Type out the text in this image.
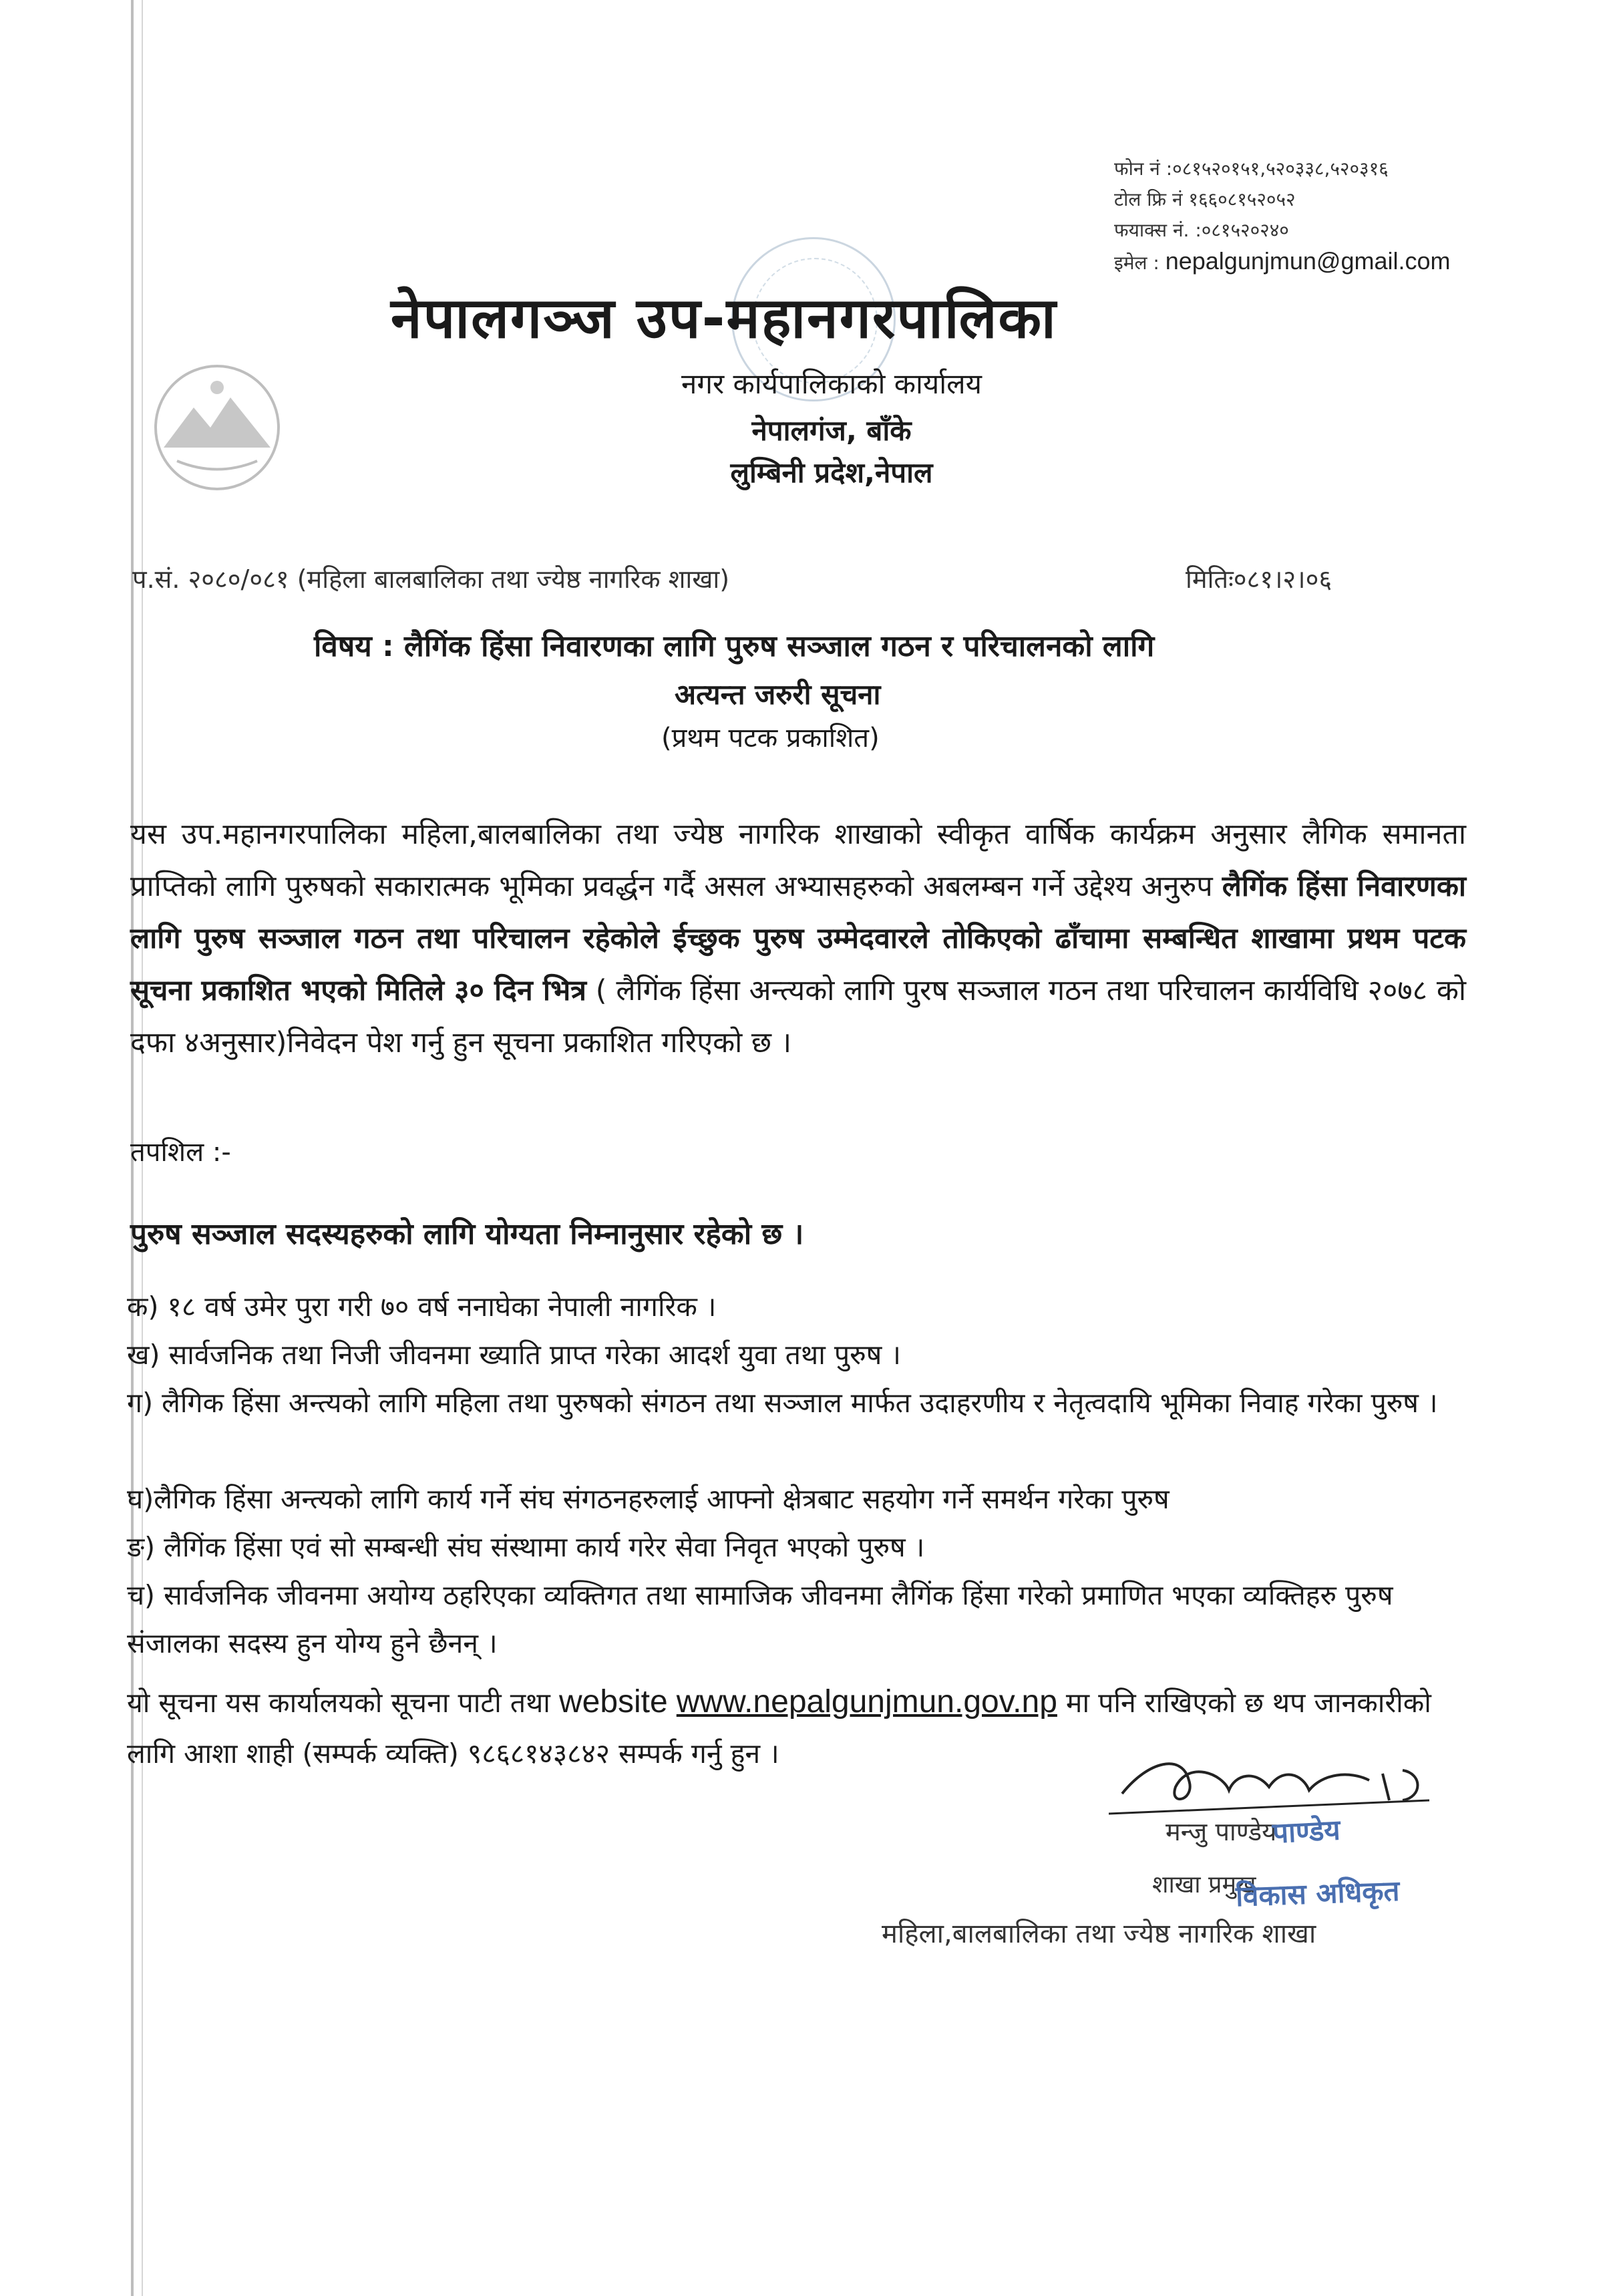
फोन नं :०८१५२०१५१,५२०३३८,५२०३१६
टोल फ्रि नं १६६०८१५२०५२
फयाक्स नं. :०८१५२०२४०
इमेल : nepalgunjmun@gmail.com
नेपालगञ्ज उप-महानगरपालिका
नगर कार्यपालिकाको कार्यालय
नेपालगंज, बाँके
लुम्बिनी प्रदेश,नेपाल
प.सं. २०८०/०८१ (महिला बालबालिका तथा ज्येष्ठ नागरिक शाखा)	मितिः०८१।२।०६
विषय : लैगिंक हिंसा निवारणका लागि पुरुष सञ्जाल गठन र परिचालनको लागि
अत्यन्त जरुरी सूचना
(प्रथम पटक प्रकाशित)
यस उप.महानगरपालिका महिला,बालबालिका तथा ज्येष्ठ नागरिक शाखाको स्वीकृत वार्षिक कार्यक्रम अनुसार लैगिक समानता प्राप्तिको लागि पुरुषको सकारात्मक भूमिका प्रवर्द्धन गर्दै असल अभ्यासहरुको अबलम्बन गर्ने उद्देश्य अनुरुप लैगिंक हिंसा निवारणका लागि पुरुष सञ्जाल गठन तथा परिचालन रहेकोले ईच्छुक पुरुष उम्मेदवारले तोकिएको ढाँचामा सम्बन्धित शाखामा प्रथम पटक सूचना प्रकाशित भएको मितिले ३० दिन भित्र ( लैगिंक हिंसा अन्त्यको लागि पुरष सञ्जाल गठन तथा परिचालन कार्यविधि २०७८ को दफा ४अनुसार)निवेदन पेश गर्नु हुन सूचना प्रकाशित गरिएको छ ।
तपशिल :-
पुरुष सञ्जाल सदस्यहरुको लागि योग्यता निम्नानुसार रहेको छ ।
क) १८ वर्ष उमेर पुरा गरी ७० वर्ष ननाघेका नेपाली नागरिक ।
ख) सार्वजनिक तथा निजी जीवनमा ख्याति प्राप्त गरेका आदर्श युवा तथा पुरुष ।
ग) लैगिक हिंसा अन्त्यको लागि महिला तथा पुरुषको संगठन तथा सञ्जाल मार्फत उदाहरणीय र नेतृत्वदायि भूमिका निवाह गरेका पुरुष ।
घ)लैगिक हिंसा अन्त्यको लागि कार्य गर्ने संघ संगठनहरुलाई आफ्नो क्षेत्रबाट सहयोग गर्ने समर्थन गरेका पुरुष
ङ) लैगिंक हिंसा एवं सो सम्बन्धी संघ संस्थामा कार्य गरेर सेवा निवृत भएको पुरुष ।
च) सार्वजनिक जीवनमा अयोग्य ठहरिएका व्यक्तिगत तथा सामाजिक जीवनमा लैगिंक हिंसा गरेको प्रमाणित भएका व्यक्तिहरु पुरुष संजालका सदस्य हुन योग्य हुने छैनन् ।
यो सूचना यस कार्यालयको सूचना पाटी तथा website www.nepalgunjmun.gov.np मा पनि राखिएको छ थप जानकारीको लागि आशा शाही (सम्पर्क व्यक्ति) ९८६८१४३८४२ सम्पर्क गर्नु हुन ।
मन्जु पाण्डेय
पाण्डेय
शाखा प्रमुख
विकास अधिकृत
महिला,बालबालिका तथा ज्येष्ठ नागरिक शाखा
